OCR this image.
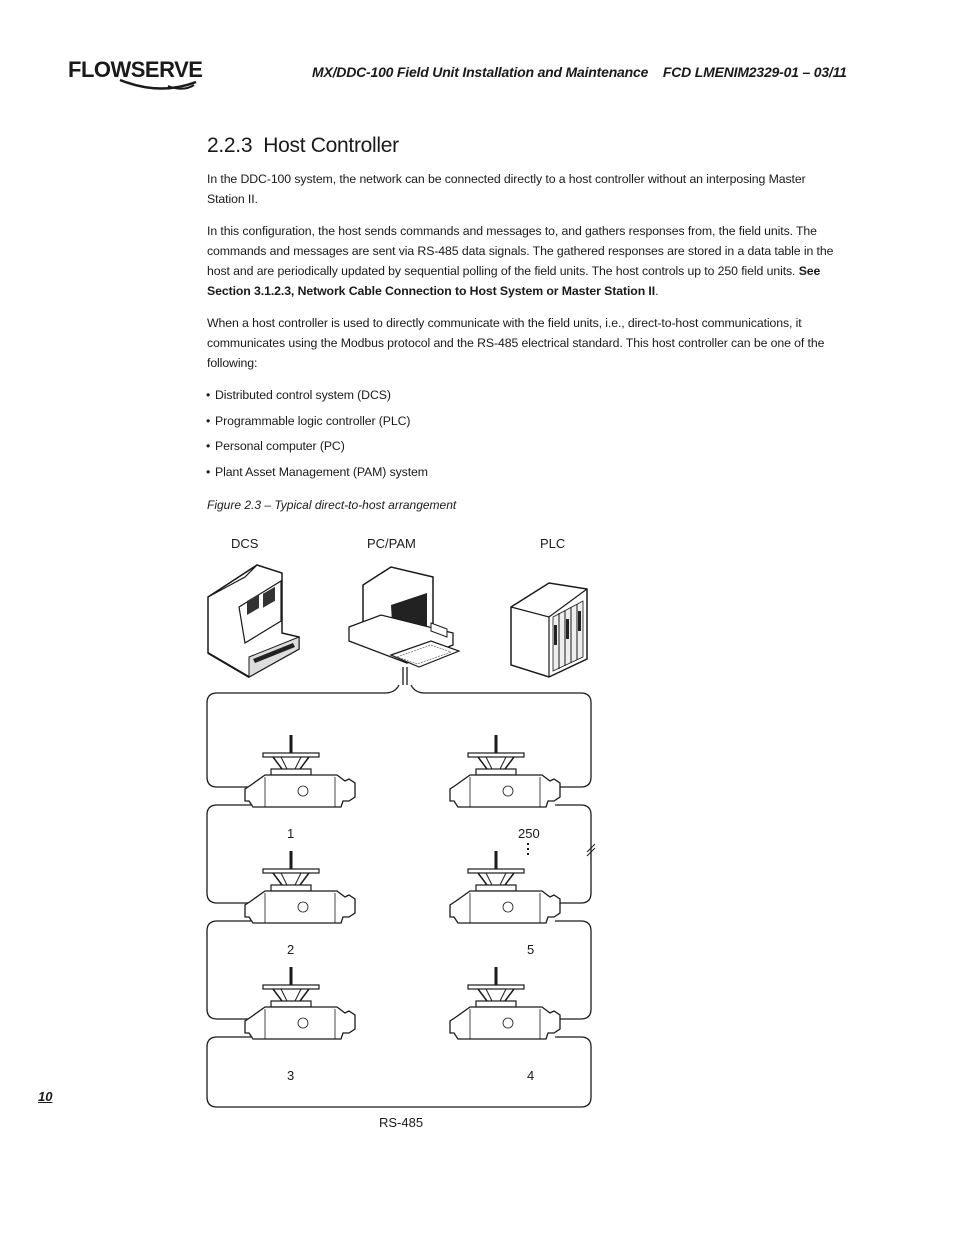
FLOWSERVE	MX/DDC-100 Field Unit Installation and Maintenance    FCD LMENIM2329-01 – 03/11
2.2.3  Host Controller

In the DDC-100 system, the network can be connected directly to a host controller without an interposing Master Station II.

In this configuration, the host sends commands and messages to, and gathers responses from, the field units. The commands and messages are sent via RS-485 data signals. The gathered responses are stored in a data table in the host and are periodically updated by sequential polling of the field units. The host controls up to 250 field units. See Section 3.1.2.3, Network Cable Connection to Host System or Master Station II.

When a host controller is used to directly communicate with the field units, i.e., direct-to-host communications, it communicates using the Modbus protocol and the RS-485 electrical standard. This host controller can be one of the following:

• Distributed control system (DCS)
• Programmable logic controller (PLC)
• Personal computer (PC)
• Plant Asset Management (PAM) system
Figure 2.3 – Typical direct-to-host arrangement
DCS	PC/PAM	PLC
1	250
2	5
3	4
RS-485
10
